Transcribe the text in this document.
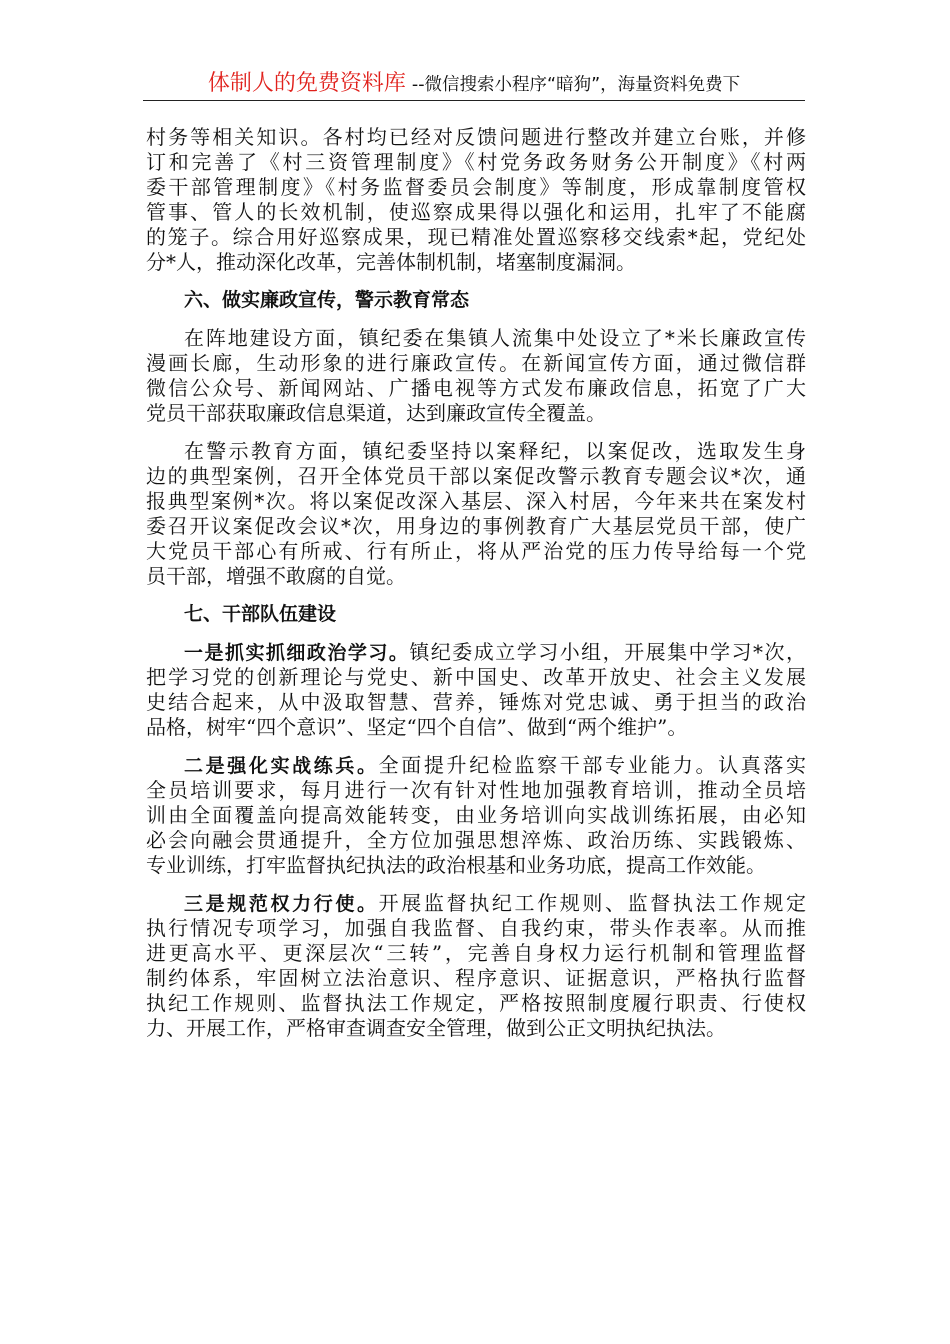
体制人的免费资料库 --微信搜索小程序“暗狗”，海量资料免费下
村务等相关知识。各村均已经对反馈问题进行整改并建立台账，并修
订和完善了《村三资管理制度》《村党务政务财务公开制度》《村两
委干部管理制度》《村务监督委员会制度》等制度，形成靠制度管权
管事、管人的长效机制，使巡察成果得以强化和运用，扎牢了不能腐
的笼子。综合用好巡察成果，现已精准处置巡察移交线索*起，党纪处
分*人，推动深化改革，完善体制机制，堵塞制度漏洞。
六、做实廉政宣传，警示教育常态
在阵地建设方面，镇纪委在集镇人流集中处设立了*米长廉政宣传
漫画长廊，生动形象的进行廉政宣传。在新闻宣传方面，通过微信群
微信公众号、新闻网站、广播电视等方式发布廉政信息，拓宽了广大
党员干部获取廉政信息渠道，达到廉政宣传全覆盖。
在警示教育方面，镇纪委坚持以案释纪，以案促改，选取发生身
边的典型案例，召开全体党员干部以案促改警示教育专题会议*次，通
报典型案例*次。将以案促改深入基层、深入村居，今年来共在案发村
委召开议案促改会议*次，用身边的事例教育广大基层党员干部，使广
大党员干部心有所戒、行有所止，将从严治党的压力传导给每一个党
员干部，增强不敢腐的自觉。
七、干部队伍建设
一是抓实抓细政治学习。镇纪委成立学习小组，开展集中学习*次，
把学习党的创新理论与党史、新中国史、改革开放史、社会主义发展
史结合起来，从中汲取智慧、营养，锤炼对党忠诚、勇于担当的政治
品格，树牢“四个意识”、坚定“四个自信”、做到“两个维护”。
二是强化实战练兵。全面提升纪检监察干部专业能力。认真落实
全员培训要求，每月进行一次有针对性地加强教育培训，推动全员培
训由全面覆盖向提高效能转变，由业务培训向实战训练拓展，由必知
必会向融会贯通提升，全方位加强思想淬炼、政治历练、实践锻炼、
专业训练，打牢监督执纪执法的政治根基和业务功底，提高工作效能。
三是规范权力行使。开展监督执纪工作规则、监督执法工作规定
执行情况专项学习，加强自我监督、自我约束，带头作表率。从而推
进更高水平、更深层次“三转”，完善自身权力运行机制和管理监督
制约体系，牢固树立法治意识、程序意识、证据意识，严格执行监督
执纪工作规则、监督执法工作规定，严格按照制度履行职责、行使权
力、开展工作，严格审查调查安全管理，做到公正文明执纪执法。
